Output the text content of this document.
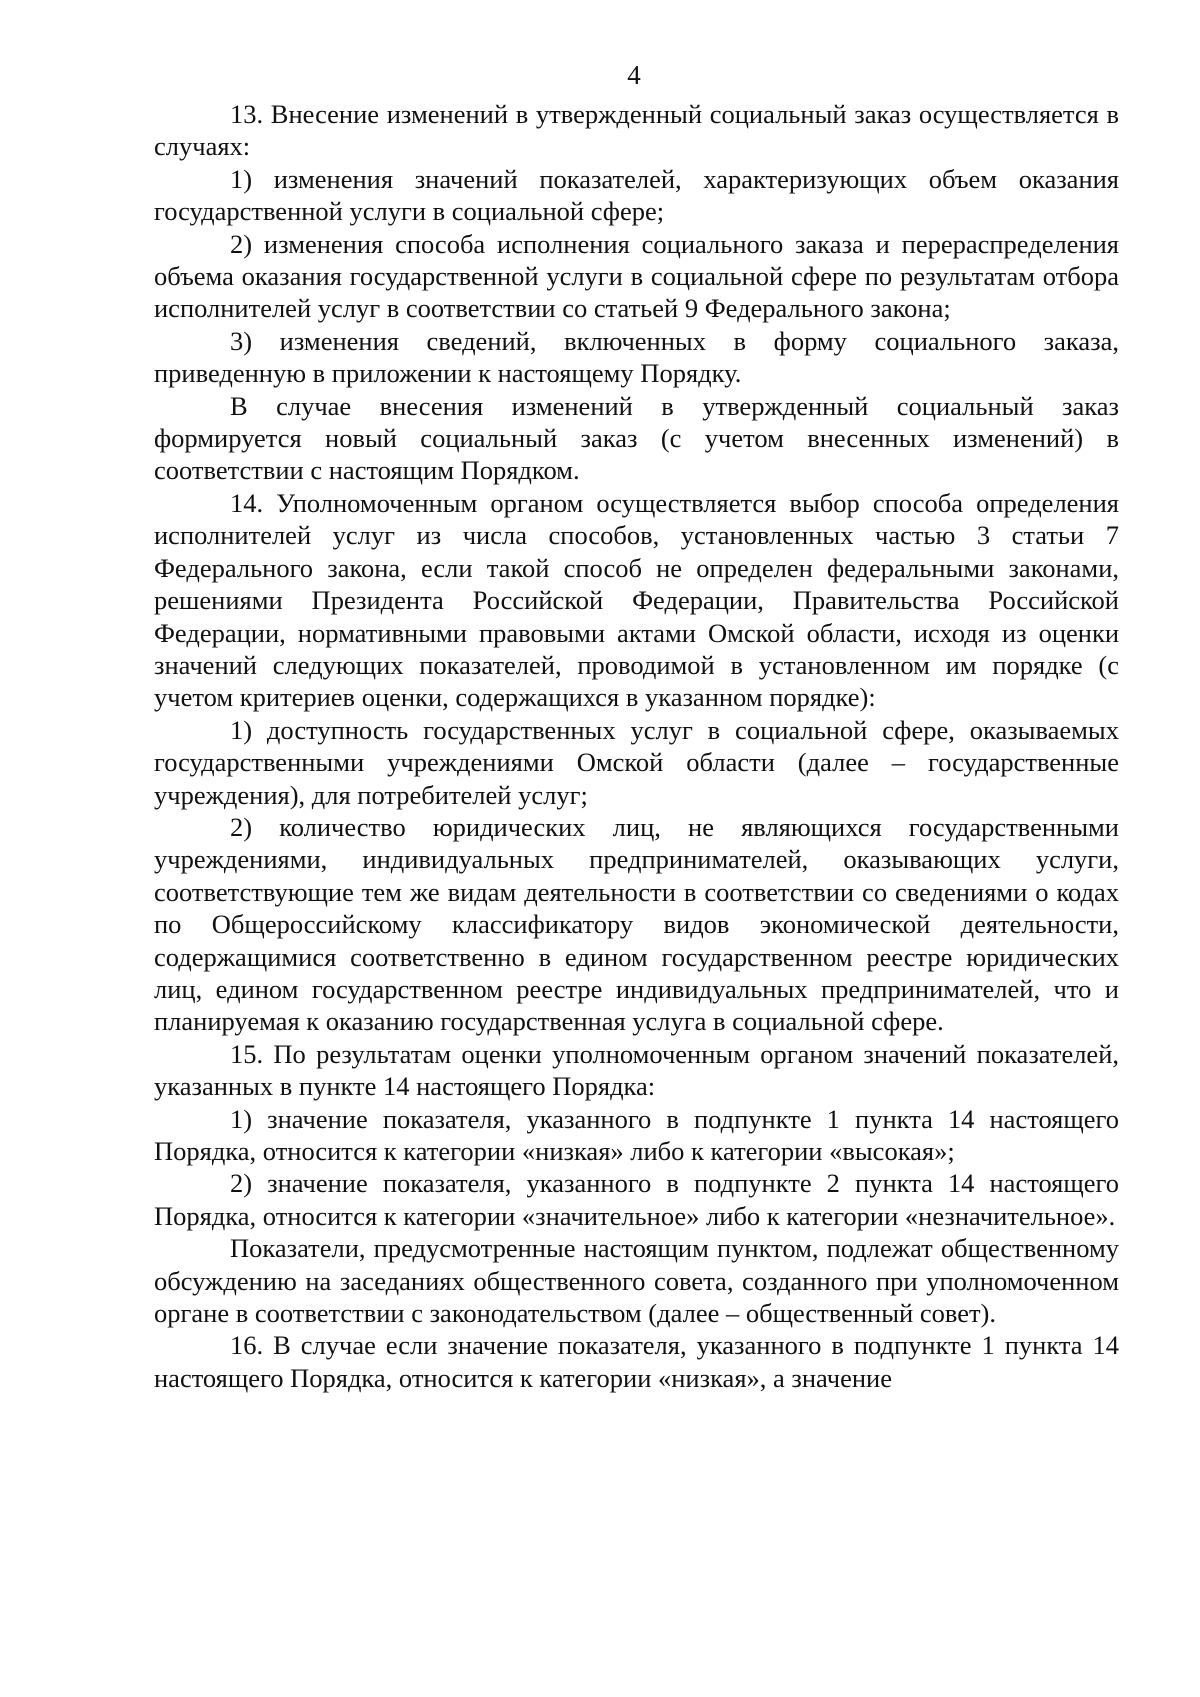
4

13. Внесение изменений в утвержденный социальный заказ осуществляется в случаях:

1) изменения значений показателей, характеризующих объем оказания государственной услуги в социальной сфере;

2) изменения способа исполнения социального заказа и перераспределения объема оказания государственной услуги в социальной сфере по результатам отбора исполнителей услуг в соответствии со статьей 9 Федерального закона;

3) изменения сведений, включенных в форму социального заказа, приведенную в приложении к настоящему Порядку.

В случае внесения изменений в утвержденный социальный заказ формируется новый социальный заказ (с учетом внесенных изменений) в соответствии с настоящим Порядком.

14. Уполномоченным органом осуществляется выбор способа определения исполнителей услуг из числа способов, установленных частью 3 статьи 7 Федерального закона, если такой способ не определен федеральными законами, решениями Президента Российской Федерации, Правительства Российской Федерации, нормативными правовыми актами Омской области, исходя из оценки значений следующих показателей, проводимой в установленном им порядке (с учетом критериев оценки, содержащихся в указанном порядке):

1) доступность государственных услуг в социальной сфере, оказываемых государственными учреждениями Омской области (далее – государственные учреждения), для потребителей услуг;

2) количество юридических лиц, не являющихся государственными учреждениями, индивидуальных предпринимателей, оказывающих услуги, соответствующие тем же видам деятельности в соответствии со сведениями о кодах по Общероссийскому классификатору видов экономической деятельности, содержащимися соответственно в едином государственном реестре юридических лиц, едином государственном реестре индивидуальных предпринимателей, что и планируемая к оказанию государственная услуга в социальной сфере.

15. По результатам оценки уполномоченным органом значений показателей, указанных в пункте 14 настоящего Порядка:

1) значение показателя, указанного в подпункте 1 пункта 14 настоящего Порядка, относится к категории «низкая» либо к категории «высокая»;

2) значение показателя, указанного в подпункте 2 пункта 14 настоящего Порядка, относится к категории «значительное» либо к категории «незначительное».

Показатели, предусмотренные настоящим пунктом, подлежат общественному обсуждению на заседаниях общественного совета, созданного при уполномоченном органе в соответствии с законодательством (далее – общественный совет).

16. В случае если значение показателя, указанного в подпункте 1 пункта 14 настоящего Порядка, относится к категории «низкая», а значение
